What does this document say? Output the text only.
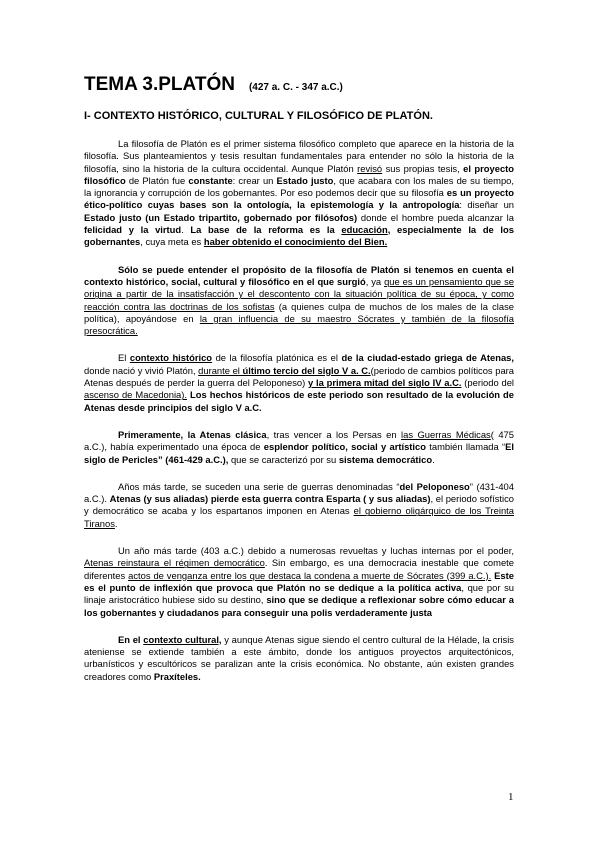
TEMA 3.PLATÓN (427 a. C. - 347 a.C.)
I- CONTEXTO HISTÓRICO, CULTURAL Y FILOSÓFICO DE PLATÓN.

La filosofía de Platón es el primer sistema filosófico completo que aparece en la historia de la filosofía. Sus planteamientos y tesis resultan fundamentales para entender no sólo la historia de la filosofía, sino la historia de la cultura occidental. Aunque Platón revisó sus propias tesis, el proyecto filosófico de Platón fue constante: crear un Estado justo, que acabara con los males de su tiempo, la ignorancia y corrupción de los gobernantes. Por eso podemos decir que su filosofía es un proyecto ético-político cuyas bases son la ontología, la epistemología y la antropología: diseñar un Estado justo (un Estado tripartito, gobernado por filósofos) donde el hombre pueda alcanzar la felicidad y la virtud. La base de la reforma es la educación, especialmente la de los gobernantes, cuya meta es haber obtenido el conocimiento del Bien.

Sólo se puede entender el propósito de la filosofía de Platón si tenemos en cuenta el contexto histórico, social, cultural y filosófico en el que surgió, ya que es un pensamiento que se origina a partir de la insatisfacción y el descontento con la situación política de su época, y como reacción contra las doctrinas de los sofistas (a quienes culpa de muchos de los males de la clase política), apoyándose en la gran influencia de su maestro Sócrates y también de la filosofía presocrática.

El contexto histórico de la filosofía platónica es el de la ciudad-estado griega de Atenas, donde nació y vivió Platón, durante el último tercio del siglo V a. C.(periodo de cambios políticos para Atenas después de perder la guerra del Peloponeso) y la primera mitad del siglo IV a.C. (periodo del ascenso de Macedonia). Los hechos históricos de este periodo son resultado de la evolución de Atenas desde principios del siglo V a.C.

Primeramente, la Atenas clásica, tras vencer a los Persas en las Guerras Médicas( 475 a.C.), había experimentado una época de esplendor político, social y artístico también llamada “El siglo de Pericles” (461-429 a.C.), que se caracterizó por su sistema democrático.

Años más tarde, se suceden una serie de guerras denominadas “del Peloponeso” (431-404 a.C.). Atenas (y sus aliadas) pierde esta guerra contra Esparta ( y sus aliadas), el periodo sofístico y democrático se acaba y los espartanos imponen en Atenas el gobierno oligárquico de los Treinta Tiranos.

Un año más tarde (403 a.C.) debido a numerosas revueltas y luchas internas por el poder, Atenas reinstaura el régimen democrático. Sin embargo, es una democracia inestable que comete diferentes actos de venganza entre los que destaca la condena a muerte de Sócrates (399 a.C.). Este es el punto de inflexión que provoca que Platón no se dedique a la política activa, que por su linaje aristocrático hubiese sido su destino, sino que se dedique a reflexionar sobre cómo educar a los gobernantes y ciudadanos para conseguir una polis verdaderamente justa

En el contexto cultural, y aunque Atenas sigue siendo el centro cultural de la Hélade, la crisis ateniense se extiende también a este ámbito, donde los antiguos proyectos arquitectónicos, urbanísticos y escultóricos se paralizan ante la crisis económica. No obstante, aún existen grandes creadores como Praxíteles.

1
